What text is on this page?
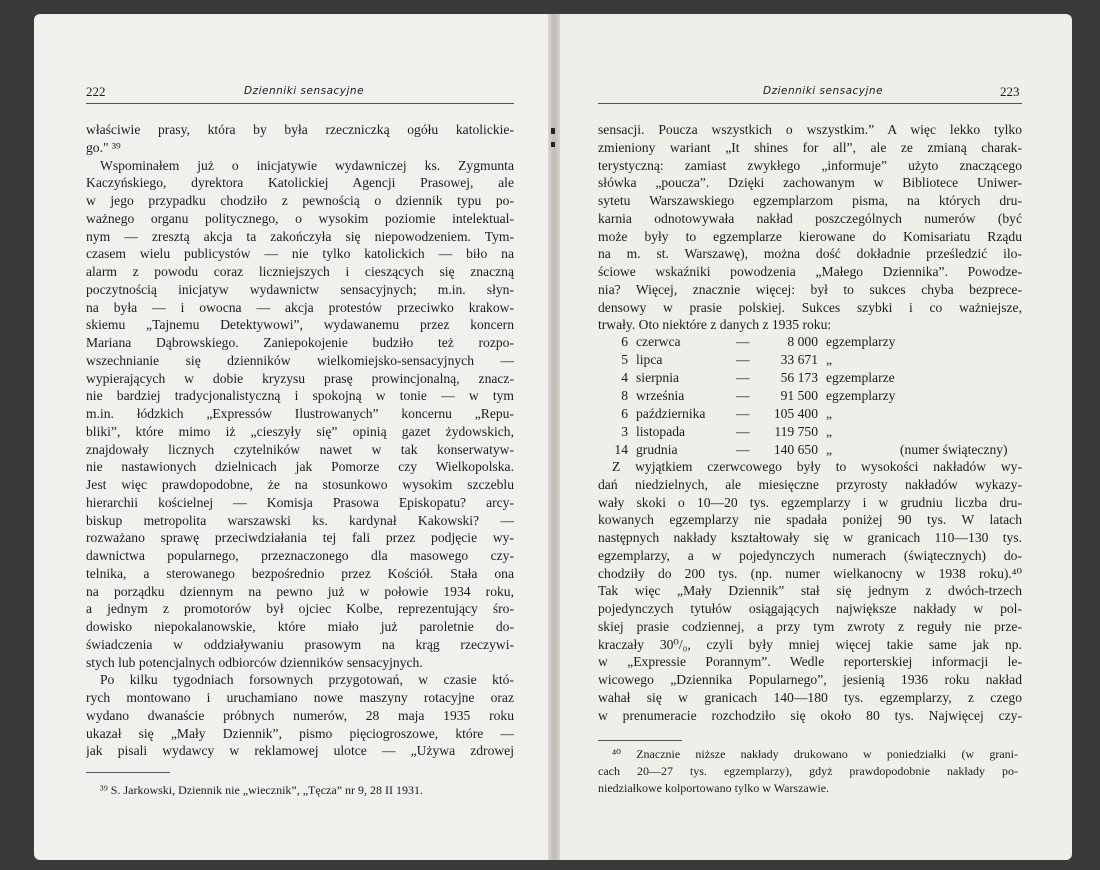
222	Dzienniki sensacyjne
właściwie prasy, która by była rzeczniczką ogółu katolickie-
go." ³⁹
Wspominałem już o inicjatywie wydawniczej ks. Zygmunta
Kaczyńskiego, dyrektora Katolickiej Agencji Prasowej, ale
w jego przypadku chodziło z pewnością o dziennik typu po-
ważnego organu politycznego, o wysokim poziomie intelektual-
nym — zresztą akcja ta zakończyła się niepowodzeniem. Tym-
czasem wielu publicystów — nie tylko katolickich — biło na
alarm z powodu coraz liczniejszych i cieszących się znaczną
poczytnością inicjatyw wydawnictw sensacyjnych; m.in. słyn-
na była — i owocna — akcja protestów przeciwko krakow-
skiemu „Tajnemu Detektywowi”, wydawanemu przez koncern
Mariana Dąbrowskiego. Zaniepokojenie budziło też rozpo-
wszechnianie się dzienników wielkomiejsko-sensacyjnych —
wypierających w dobie kryzysu prasę prowincjonalną, znacz-
nie bardziej tradycjonalistyczną i spokojną w tonie — w tym
m.in. łódzkich „Expressów Ilustrowanych” koncernu „Repu-
bliki”, które mimo iż „cieszyły się” opinią gazet żydowskich,
znajdowały licznych czytelników nawet w tak konserwatyw-
nie nastawionych dzielnicach jak Pomorze czy Wielkopolska.
Jest więc prawdopodobne, że na stosunkowo wysokim szczeblu
hierarchii kościelnej — Komisja Prasowa Episkopatu? arcy-
biskup metropolita warszawski ks. kardynał Kakowski? —
rozważano sprawę przeciwdziałania tej fali przez podjęcie wy-
dawnictwa popularnego, przeznaczonego dla masowego czy-
telnika, a sterowanego bezpośrednio przez Kościół. Stała ona
na porządku dziennym na pewno już w połowie 1934 roku,
a jednym z promotorów był ojciec Kolbe, reprezentujący śro-
dowisko niepokalanowskie, które miało już paroletnie do-
świadczenia w oddziaływaniu prasowym na krąg rzeczywi-
stych lub potencjalnych odbiorców dzienników sensacyjnych.
Po kilku tygodniach forsownych przygotowań, w czasie któ-
rych montowano i uruchamiano nowe maszyny rotacyjne oraz
wydano dwanaście próbnych numerów, 28 maja 1935 roku
ukazał się „Mały Dziennik”, pismo pięciogroszowe, które —
jak pisali wydawcy w reklamowej ulotce — „Używa zdrowej
³⁹ S. Jarkowski, Dziennik nie „wiecznik”, „Tęcza” nr 9, 28 II 1931.
Dzienniki sensacyjne	223
sensacji. Poucza wszystkich o wszystkim.” A więc lekko tylko
zmieniony wariant „It shines for all”, ale ze zmianą charak-
terystyczną: zamiast zwykłego „informuje” użyto znaczącego
słówka „poucza”. Dzięki zachowanym w Bibliotece Uniwer-
sytetu Warszawskiego egzemplarzom pisma, na których dru-
karnia odnotowywała nakład poszczególnych numerów (być
może były to egzemplarze kierowane do Komisariatu Rządu
na m. st. Warszawę), można dość dokładnie prześledzić ilo-
ściowe wskaźniki powodzenia „Małego Dziennika”. Powodze-
nia? Więcej, znacznie więcej: był to sukces chyba bezprece-
densowy w prasie polskiej. Sukces szybki i co ważniejsze,
trwały. Oto niektóre z danych z 1935 roku:
6 czerwca	—	8 000 egzemplarzy
5 lipca	—	33 671 „
4 sierpnia	—	56 173 egzemplarze
8 września	—	91 500 egzemplarzy
6 października —	105 400 „
3 listopada	—	119 750 „
14 grudnia	—	140 650 „	(numer świąteczny)
Z wyjątkiem czerwcowego były to wysokości nakładów wy-
dań niedzielnych, ale miesięczne przyrosty nakładów wykazy-
wały skoki o 10—20 tys. egzemplarzy i w grudniu liczba dru-
kowanych egzemplarzy nie spadała poniżej 90 tys. W latach
następnych nakłady kształtowały się w granicach 110—130 tys.
egzemplarzy, a w pojedynczych numerach (świątecznych) do-
chodziły do 200 tys. (np. numer wielkanocny w 1938 roku).⁴⁰
Tak więc „Mały Dziennik” stał się jednym z dwóch-trzech
pojedynczych tytułów osiągających największe nakłady w pol-
skiej prasie codziennej, a przy tym zwroty z reguły nie prze-
kraczały 30⁰/₀, czyli były mniej więcej takie same jak np.
w „Expressie Porannym”. Wedle reporterskiej informacji le-
wicowego „Dziennika Popularnego”, jesienią 1936 roku nakład
wahał się w granicach 140—180 tys. egzemplarzy, z czego
w prenumeracie rozchodziło się około 80 tys. Najwięcej czy-
⁴⁰ Znacznie niższe nakłady drukowano w poniedziałki (w grani-
cach 20—27 tys. egzemplarzy), gdyż prawdopodobnie nakłady po-
niedziałkowe kolportowano tylko w Warszawie.
